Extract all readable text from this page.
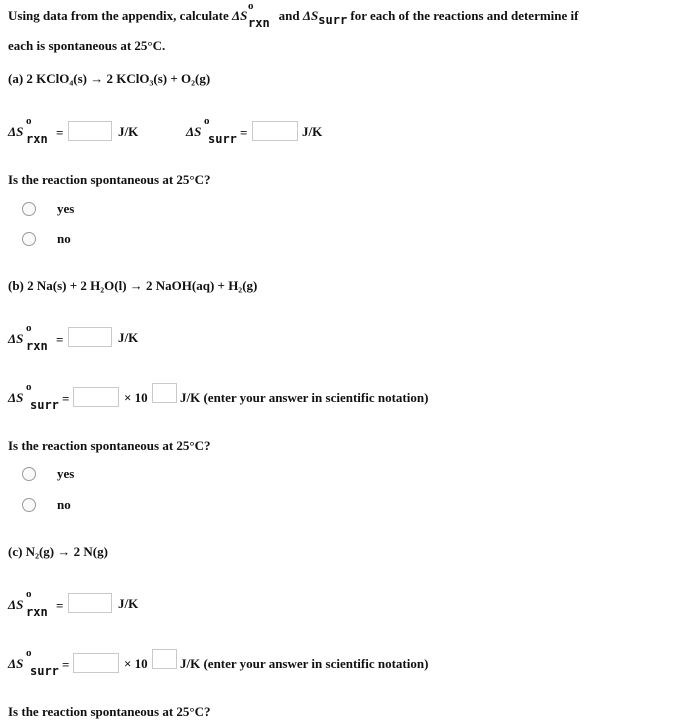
Using data from the appendix, calculate ΔS
o
rxn and ΔSsurr for each of the reactions and determine if
each is spontaneous at 25°C.
(a) 2 KClO₄(s) → 2 KClO₃(s) + O₂(g)
ΔS
o
rxn =	J/K	ΔS
o
surr =	J/K
Is the reaction spontaneous at 25°C?
yes
no
(b) 2 Na(s) + 2 H₂O(l) → 2 NaOH(aq) + H₂(g)
ΔS
o
rxn =	J/K
ΔS
o
surr =	× 10 J/K (enter your answer in scientific notation)
Is the reaction spontaneous at 25°C?
yes
no
(c) N₂(g) → 2 N(g)
ΔS
o
rxn =	J/K
ΔS
o
surr =	× 10 J/K (enter your answer in scientific notation)
Is the reaction spontaneous at 25°C?
